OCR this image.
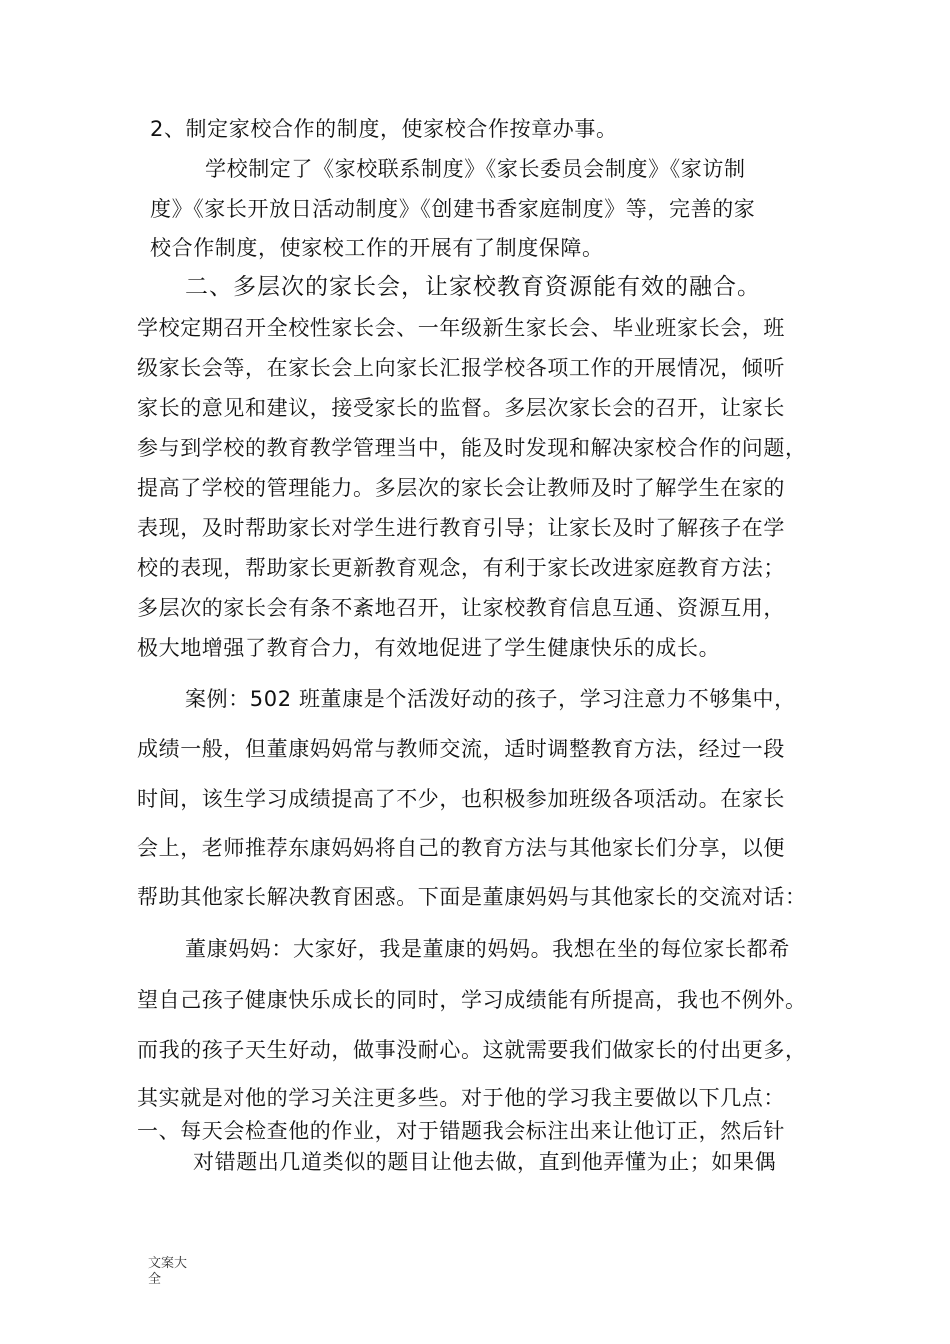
2、制定家校合作的制度，使家校合作按章办事。
学校制定了《家校联系制度》《家长委员会制度》《家访制
度》《家长开放日活动制度》《创建书香家庭制度》等，完善的家
校合作制度，使家校工作的开展有了制度保障。
二、多层次的家长会，让家校教育资源能有效的融合。
学校定期召开全校性家长会、一年级新生家长会、毕业班家长会，班
级家长会等，在家长会上向家长汇报学校各项工作的开展情况，倾听
家长的意见和建议，接受家长的监督。多层次家长会的召开，让家长
参与到学校的教育教学管理当中，能及时发现和解决家校合作的问题，
提高了学校的管理能力。多层次的家长会让教师及时了解学生在家的
表现，及时帮助家长对学生进行教育引导；让家长及时了解孩子在学
校的表现，帮助家长更新教育观念，有利于家长改进家庭教育方法；
多层次的家长会有条不紊地召开，让家校教育信息互通、资源互用，
极大地增强了教育合力，有效地促进了学生健康快乐的成长。
案例：502 班董康是个活泼好动的孩子，学习注意力不够集中，
成绩一般，但董康妈妈常与教师交流，适时调整教育方法，经过一段
时间，该生学习成绩提高了不少，也积极参加班级各项活动。在家长
会上，老师推荐东康妈妈将自己的教育方法与其他家长们分享，以便
帮助其他家长解决教育困惑。下面是董康妈妈与其他家长的交流对话：
董康妈妈：大家好，我是董康的妈妈。我想在坐的每位家长都希
望自己孩子健康快乐成长的同时，学习成绩能有所提高，我也不例外。
而我的孩子天生好动，做事没耐心。这就需要我们做家长的付出更多，
其实就是对他的学习关注更多些。对于他的学习我主要做以下几点：
一、每天会检查他的作业，对于错题我会标注出来让他订正，然后针
对错题出几道类似的题目让他去做，直到他弄懂为止；如果偶
文案大
全
